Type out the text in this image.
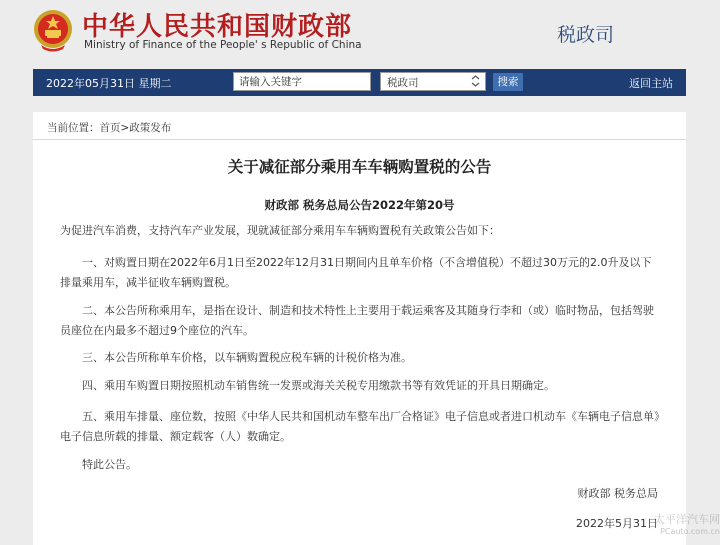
中华人民共和国财政部
Ministry of Finance of the People' s Republic of China	税政司
2022年05月31日 星期二
请输入关键字	税政司	搜索	返回主站
当前位置：首页>政策发布
关于减征部分乘用车车辆购置税的公告
财政部 税务总局公告2022年第20号

为促进汽车消费，支持汽车产业发展，现就减征部分乘用车车辆购置税有关政策公告如下：

一、对购置日期在2022年6月1日至2022年12月31日期间内且单车价格（不含增值税）不超过30万元的2.0升及以下排量乘用车，减半征收车辆购置税。

二、本公告所称乘用车，是指在设计、制造和技术特性上主要用于载运乘客及其随身行李和（或）临时物品，包括驾驶员座位在内最多不超过9个座位的汽车。

三、本公告所称单车价格，以车辆购置税应税车辆的计税价格为准。

四、乘用车购置日期按照机动车销售统一发票或海关关税专用缴款书等有效凭证的开具日期确定。

五、乘用车排量、座位数，按照《中华人民共和国机动车整车出厂合格证》电子信息或者进口机动车《车辆电子信息单》电子信息所载的排量、额定载客（人）数确定。

特此公告。

财政部 税务总局
2022年5月31日
太平洋汽车网
PCauto.com.cn
